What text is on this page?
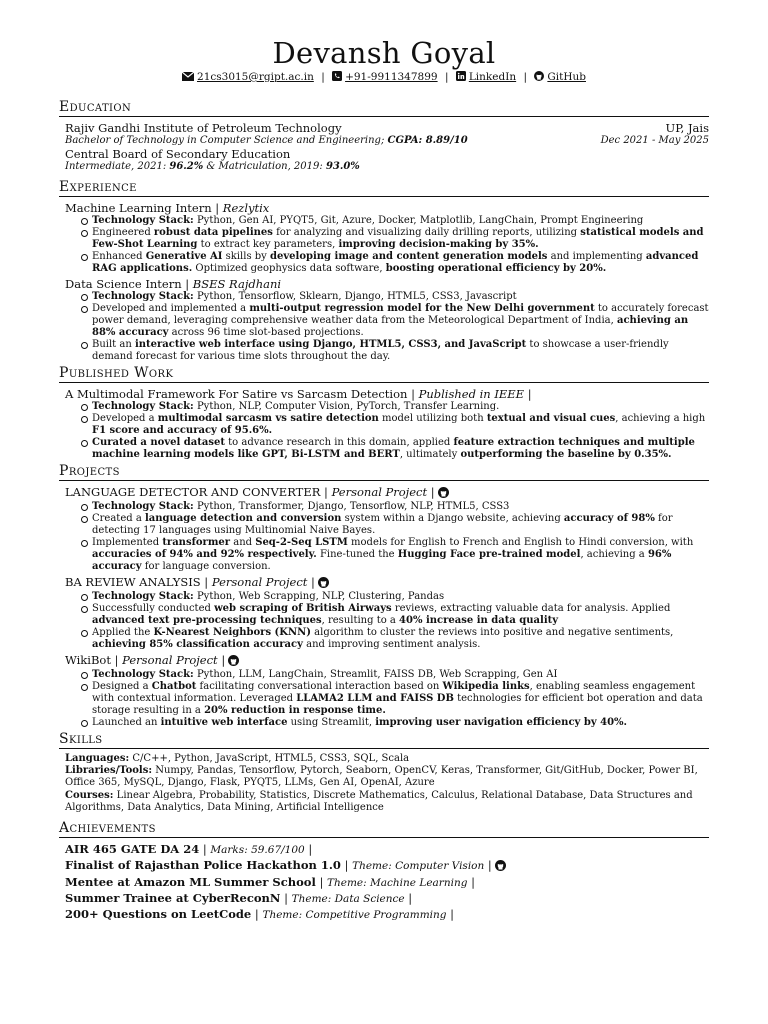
Devansh Goyal
21cs3015@rgipt.ac.in | +91-9911347899 | LinkedIn | GitHub
Education
Rajiv Gandhi Institute of Petroleum Technology	UP, Jais
Bachelor of Technology in Computer Science and Engineering; CGPA: 8.89/10	Dec 2021 - May 2025
Central Board of Secondary Education
Intermediate, 2021: 96.2% & Matriculation, 2019: 93.0%
Experience
Machine Learning Intern | Rezlytix
Technology Stack: Python, Gen AI, PYQT5, Git, Azure, Docker, Matplotlib, LangChain, Prompt Engineering
Engineered robust data pipelines for analyzing and visualizing daily drilling reports, utilizing statistical models and Few-Shot Learning to extract key parameters, improving decision-making by 35%.
Enhanced Generative AI skills by developing image and content generation models and implementing advanced RAG applications. Optimized geophysics data software, boosting operational efficiency by 20%.
Data Science Intern | BSES Rajdhani
Technology Stack: Python, Tensorflow, Sklearn, Django, HTML5, CSS3, Javascript
Developed and implemented a multi-output regression model for the New Delhi government to accurately forecast power demand, leveraging comprehensive weather data from the Meteorological Department of India, achieving an 88% accuracy across 96 time slot-based projections.
Built an interactive web interface using Django, HTML5, CSS3, and JavaScript to showcase a user-friendly demand forecast for various time slots throughout the day.
Published Work
A Multimodal Framework For Satire vs Sarcasm Detection | Published in IEEE |
Technology Stack: Python, NLP, Computer Vision, PyTorch, Transfer Learning.
Developed a multimodal sarcasm vs satire detection model utilizing both textual and visual cues, achieving a high F1 score and accuracy of 95.6%.
Curated a novel dataset to advance research in this domain, applied feature extraction techniques and multiple machine learning models like GPT, Bi-LSTM and BERT, ultimately outperforming the baseline by 0.35%.
Projects
LANGUAGE DETECTOR AND CONVERTER | Personal Project |
Technology Stack: Python, Transformer, Django, Tensorflow, NLP, HTML5, CSS3
Created a language detection and conversion system within a Django website, achieving accuracy of 98% for detecting 17 languages using Multinomial Naive Bayes.
Implemented transformer and Seq-2-Seq LSTM models for English to French and English to Hindi conversion, with accuracies of 94% and 92% respectively. Fine-tuned the Hugging Face pre-trained model, achieving a 96% accuracy for language conversion.
BA REVIEW ANALYSIS | Personal Project |
Technology Stack: Python, Web Scrapping, NLP, Clustering, Pandas
Successfully conducted web scraping of British Airways reviews, extracting valuable data for analysis. Applied advanced text pre-processing techniques, resulting to a 40% increase in data quality
Applied the K-Nearest Neighbors (KNN) algorithm to cluster the reviews into positive and negative sentiments, achieving 85% classification accuracy and improving sentiment analysis.
WikiBot | Personal Project |
Technology Stack: Python, LLM, LangChain, Streamlit, FAISS DB, Web Scrapping, Gen AI
Designed a Chatbot facilitating conversational interaction based on Wikipedia links, enabling seamless engagement with contextual information. Leveraged LLAMA2 LLM and FAISS DB technologies for efficient bot operation and data storage resulting in a 20% reduction in response time.
Launched an intuitive web interface using Streamlit, improving user navigation efficiency by 40%.
Skills

Languages: C/C++, Python, JavaScript, HTML5, CSS3, SQL, Scala

Libraries/Tools: Numpy, Pandas, Tensorflow, Pytorch, Seaborn, OpenCV, Keras, Transformer, Git/GitHub, Docker, Power BI, Office 365, MySQL, Django, Flask, PYQT5, LLMs, Gen AI, OpenAI, Azure

Courses: Linear Algebra, Probability, Statistics, Discrete Mathematics, Calculus, Relational Database, Data Structures and Algorithms, Data Analytics, Data Mining, Artificial Intelligence

Achievements

AIR 465 GATE DA 24 | Marks: 59.67/100 |

Finalist of Rajasthan Police Hackathon 1.0 | Theme: Computer Vision |

Mentee at Amazon ML Summer School | Theme: Machine Learning |

Summer Trainee at CyberReconN | Theme: Data Science |

200+ Questions on LeetCode | Theme: Competitive Programming |
